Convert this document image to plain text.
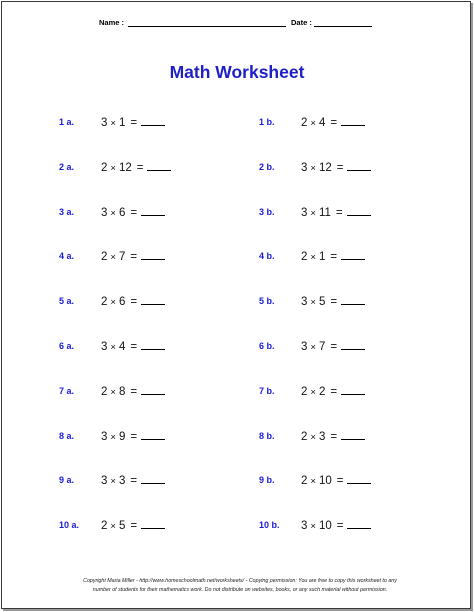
Name :	Date :
Math Worksheet
1 a. 3 × 1 =
2 a. 2 × 12 =
3 a. 3 × 6 =
4 a. 2 × 7 =
5 a. 2 × 6 =
6 a. 3 × 4 =
7 a. 2 × 8 =
8 a. 3 × 9 =
9 a. 3 × 3 =
10 a. 2 × 5 =
1 b. 2 × 4 =
2 b. 3 × 12 =
3 b. 3 × 11 =
4 b. 2 × 1 =
5 b. 3 × 5 =
6 b. 3 × 7 =
7 b. 2 × 2 =
8 b. 2 × 3 =
9 b. 2 × 10 =
10 b. 3 × 10 =
Copyright Maria Miller - http://www.homeschoolmath.net/worksheets/ - Copying permission: You are free to copy this worksheet to any
number of students for their mathematics work. Do not distribute on websites, books, or any such material without permission.
